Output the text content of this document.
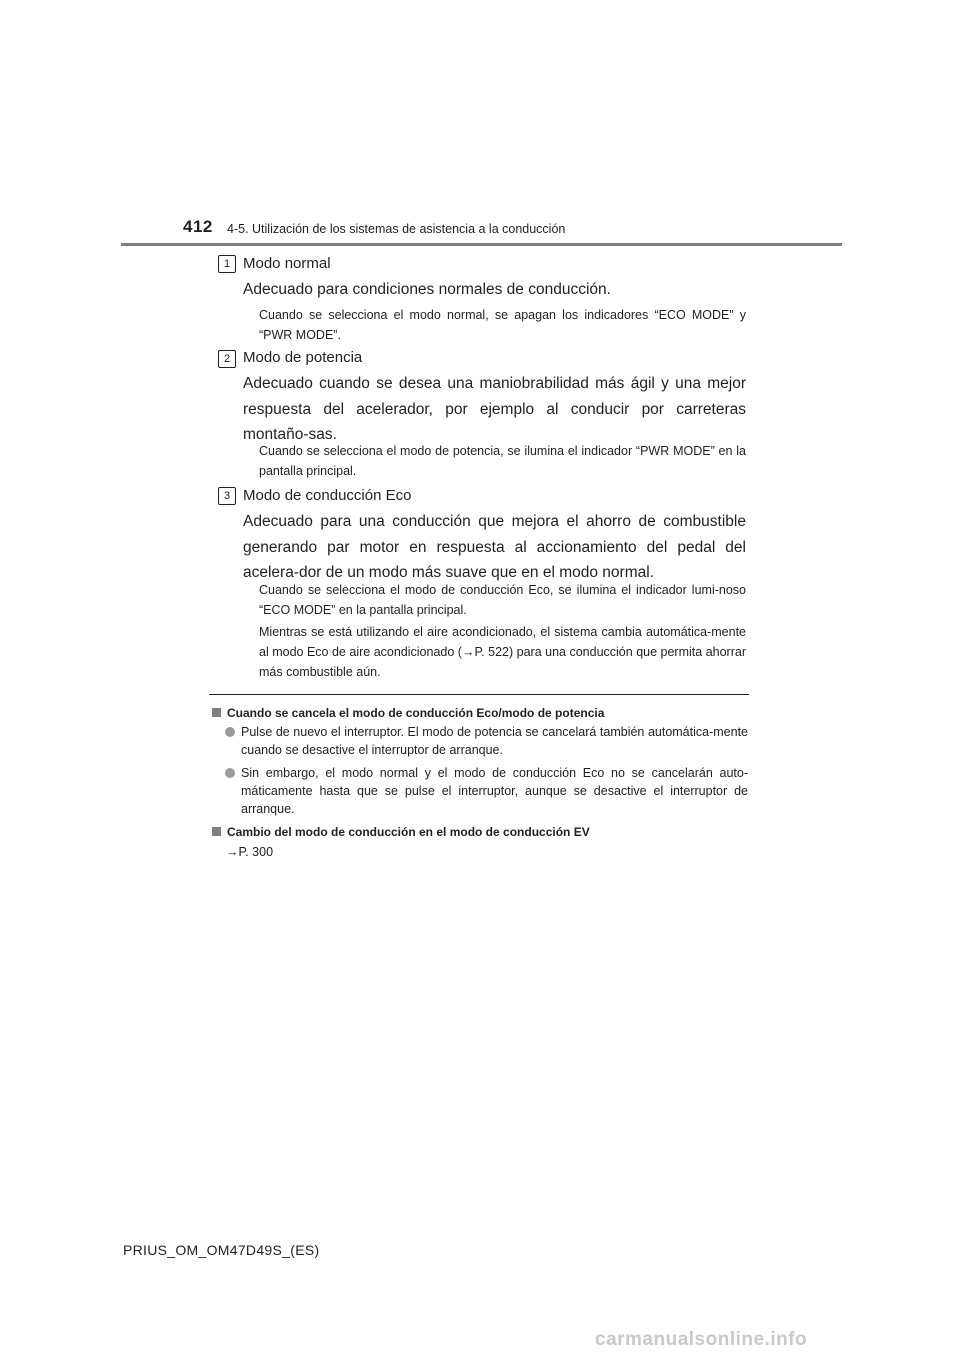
412 4-5. Utilización de los sistemas de asistencia a la conducción
1 Modo normal
Adecuado para condiciones normales de conducción.
Cuando se selecciona el modo normal, se apagan los indicadores “ECO MODE” y “PWR MODE”.
2 Modo de potencia
Adecuado cuando se desea una maniobrabilidad más ágil y una mejor respuesta del acelerador, por ejemplo al conducir por carreteras montaño-sas.
Cuando se selecciona el modo de potencia, se ilumina el indicador “PWR MODE” en la pantalla principal.
3 Modo de conducción Eco
Adecuado para una conducción que mejora el ahorro de combustible generando par motor en respuesta al accionamiento del pedal del acelera-dor de un modo más suave que en el modo normal.
Cuando se selecciona el modo de conducción Eco, se ilumina el indicador lumi-noso “ECO MODE” en la pantalla principal.
Mientras se está utilizando el aire acondicionado, el sistema cambia automática-mente al modo Eco de aire acondicionado (→P. 522) para una conducción que permita ahorrar más combustible aún.
Cuando se cancela el modo de conducción Eco/modo de potencia
Pulse de nuevo el interruptor. El modo de potencia se cancelará también automática-mente cuando se desactive el interruptor de arranque.
Sin embargo, el modo normal y el modo de conducción Eco no se cancelarán auto-máticamente hasta que se pulse el interruptor, aunque se desactive el interruptor de arranque.
Cambio del modo de conducción en el modo de conducción EV
→P. 300
PRIUS_OM_OM47D49S_(ES)
carmanualsonline.info
